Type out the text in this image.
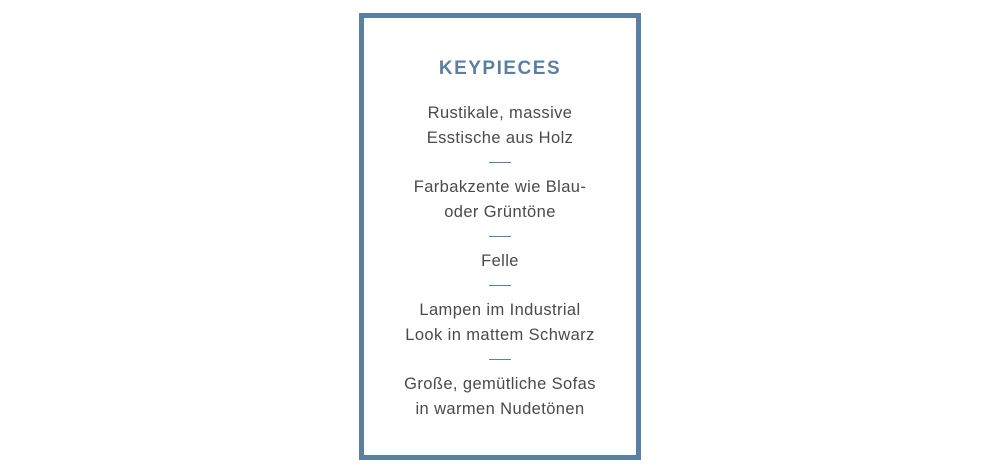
KEYPIECES
Rustikale, massive
Esstische aus Holz
Farbakzente wie Blau-
oder Grüntöne
Felle
Lampen im Industrial
Look in mattem Schwarz
Große, gemütliche Sofas
in warmen Nudetönen
